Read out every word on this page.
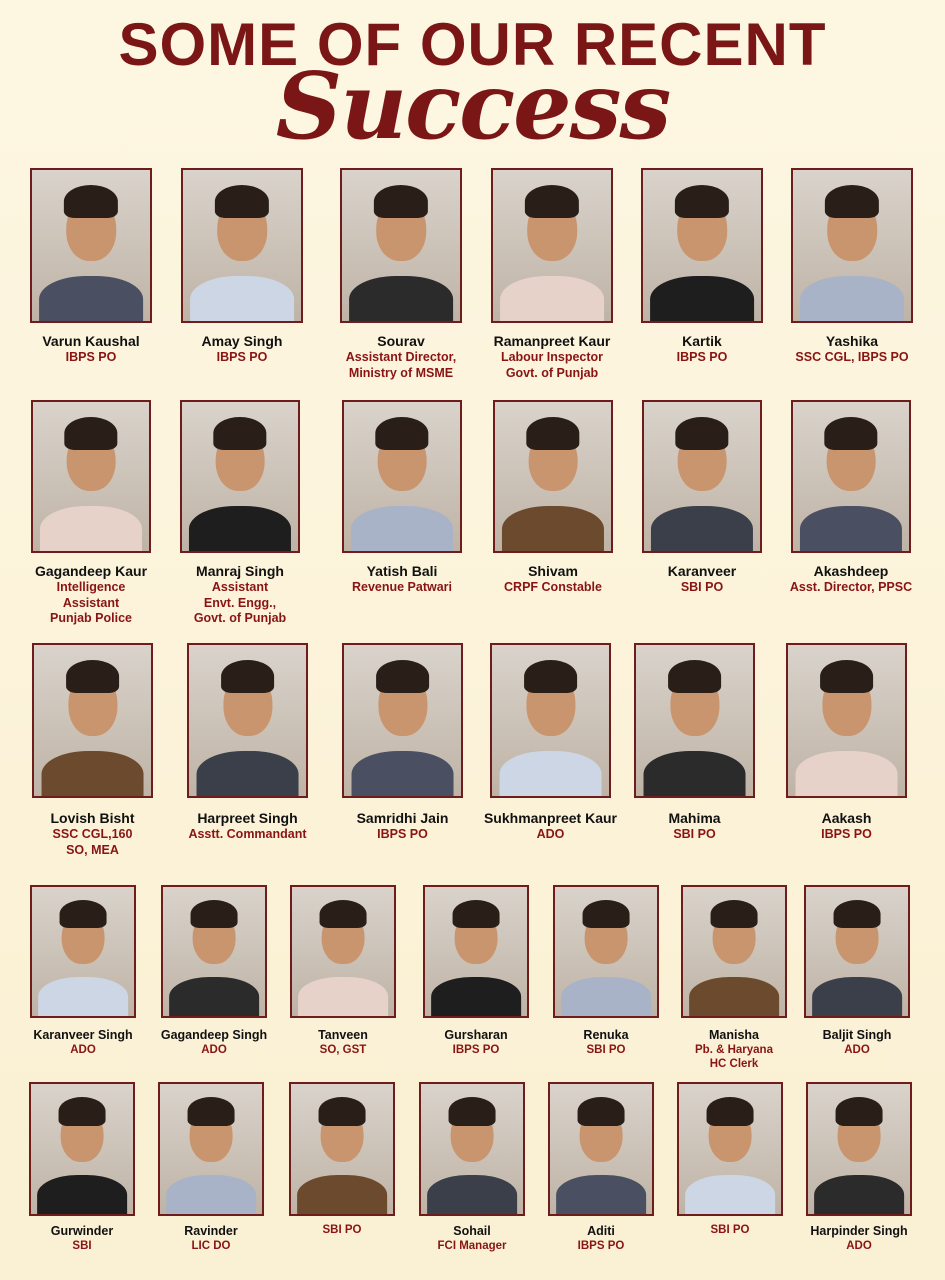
SOME OF OUR RECENT
Success
Varun Kaushal
IBPS PO
Amay Singh
IBPS PO
Sourav
Assistant Director,
Ministry of MSME
Ramanpreet Kaur
Labour Inspector
Govt. of Punjab
Kartik
IBPS PO
Yashika
SSC CGL, IBPS PO
Gagandeep Kaur
Intelligence
Assistant
Punjab Police
Manraj Singh
Assistant
Envt. Engg.,
Govt. of Punjab
Yatish Bali
Revenue Patwari
Shivam
CRPF Constable
Karanveer
SBI PO
Akashdeep
Asst. Director, PPSC
Lovish Bisht
SSC CGL,160
SO, MEA
Harpreet Singh
Asstt. Commandant
Samridhi Jain
IBPS PO
Sukhmanpreet Kaur
ADO
Mahima
SBI PO
Aakash
IBPS PO
Karanveer Singh
ADO
Gagandeep Singh
ADO
Tanveen
SO, GST
Gursharan
IBPS PO
Renuka
SBI PO
Manisha
Pb. & Haryana
HC Clerk
Baljit Singh
ADO
Gurwinder
SBI
Ravinder
LIC DO
SBI PO	Sohail
FCI Manager
Aditi
IBPS PO
SBI PO	Harpinder Singh
ADO
